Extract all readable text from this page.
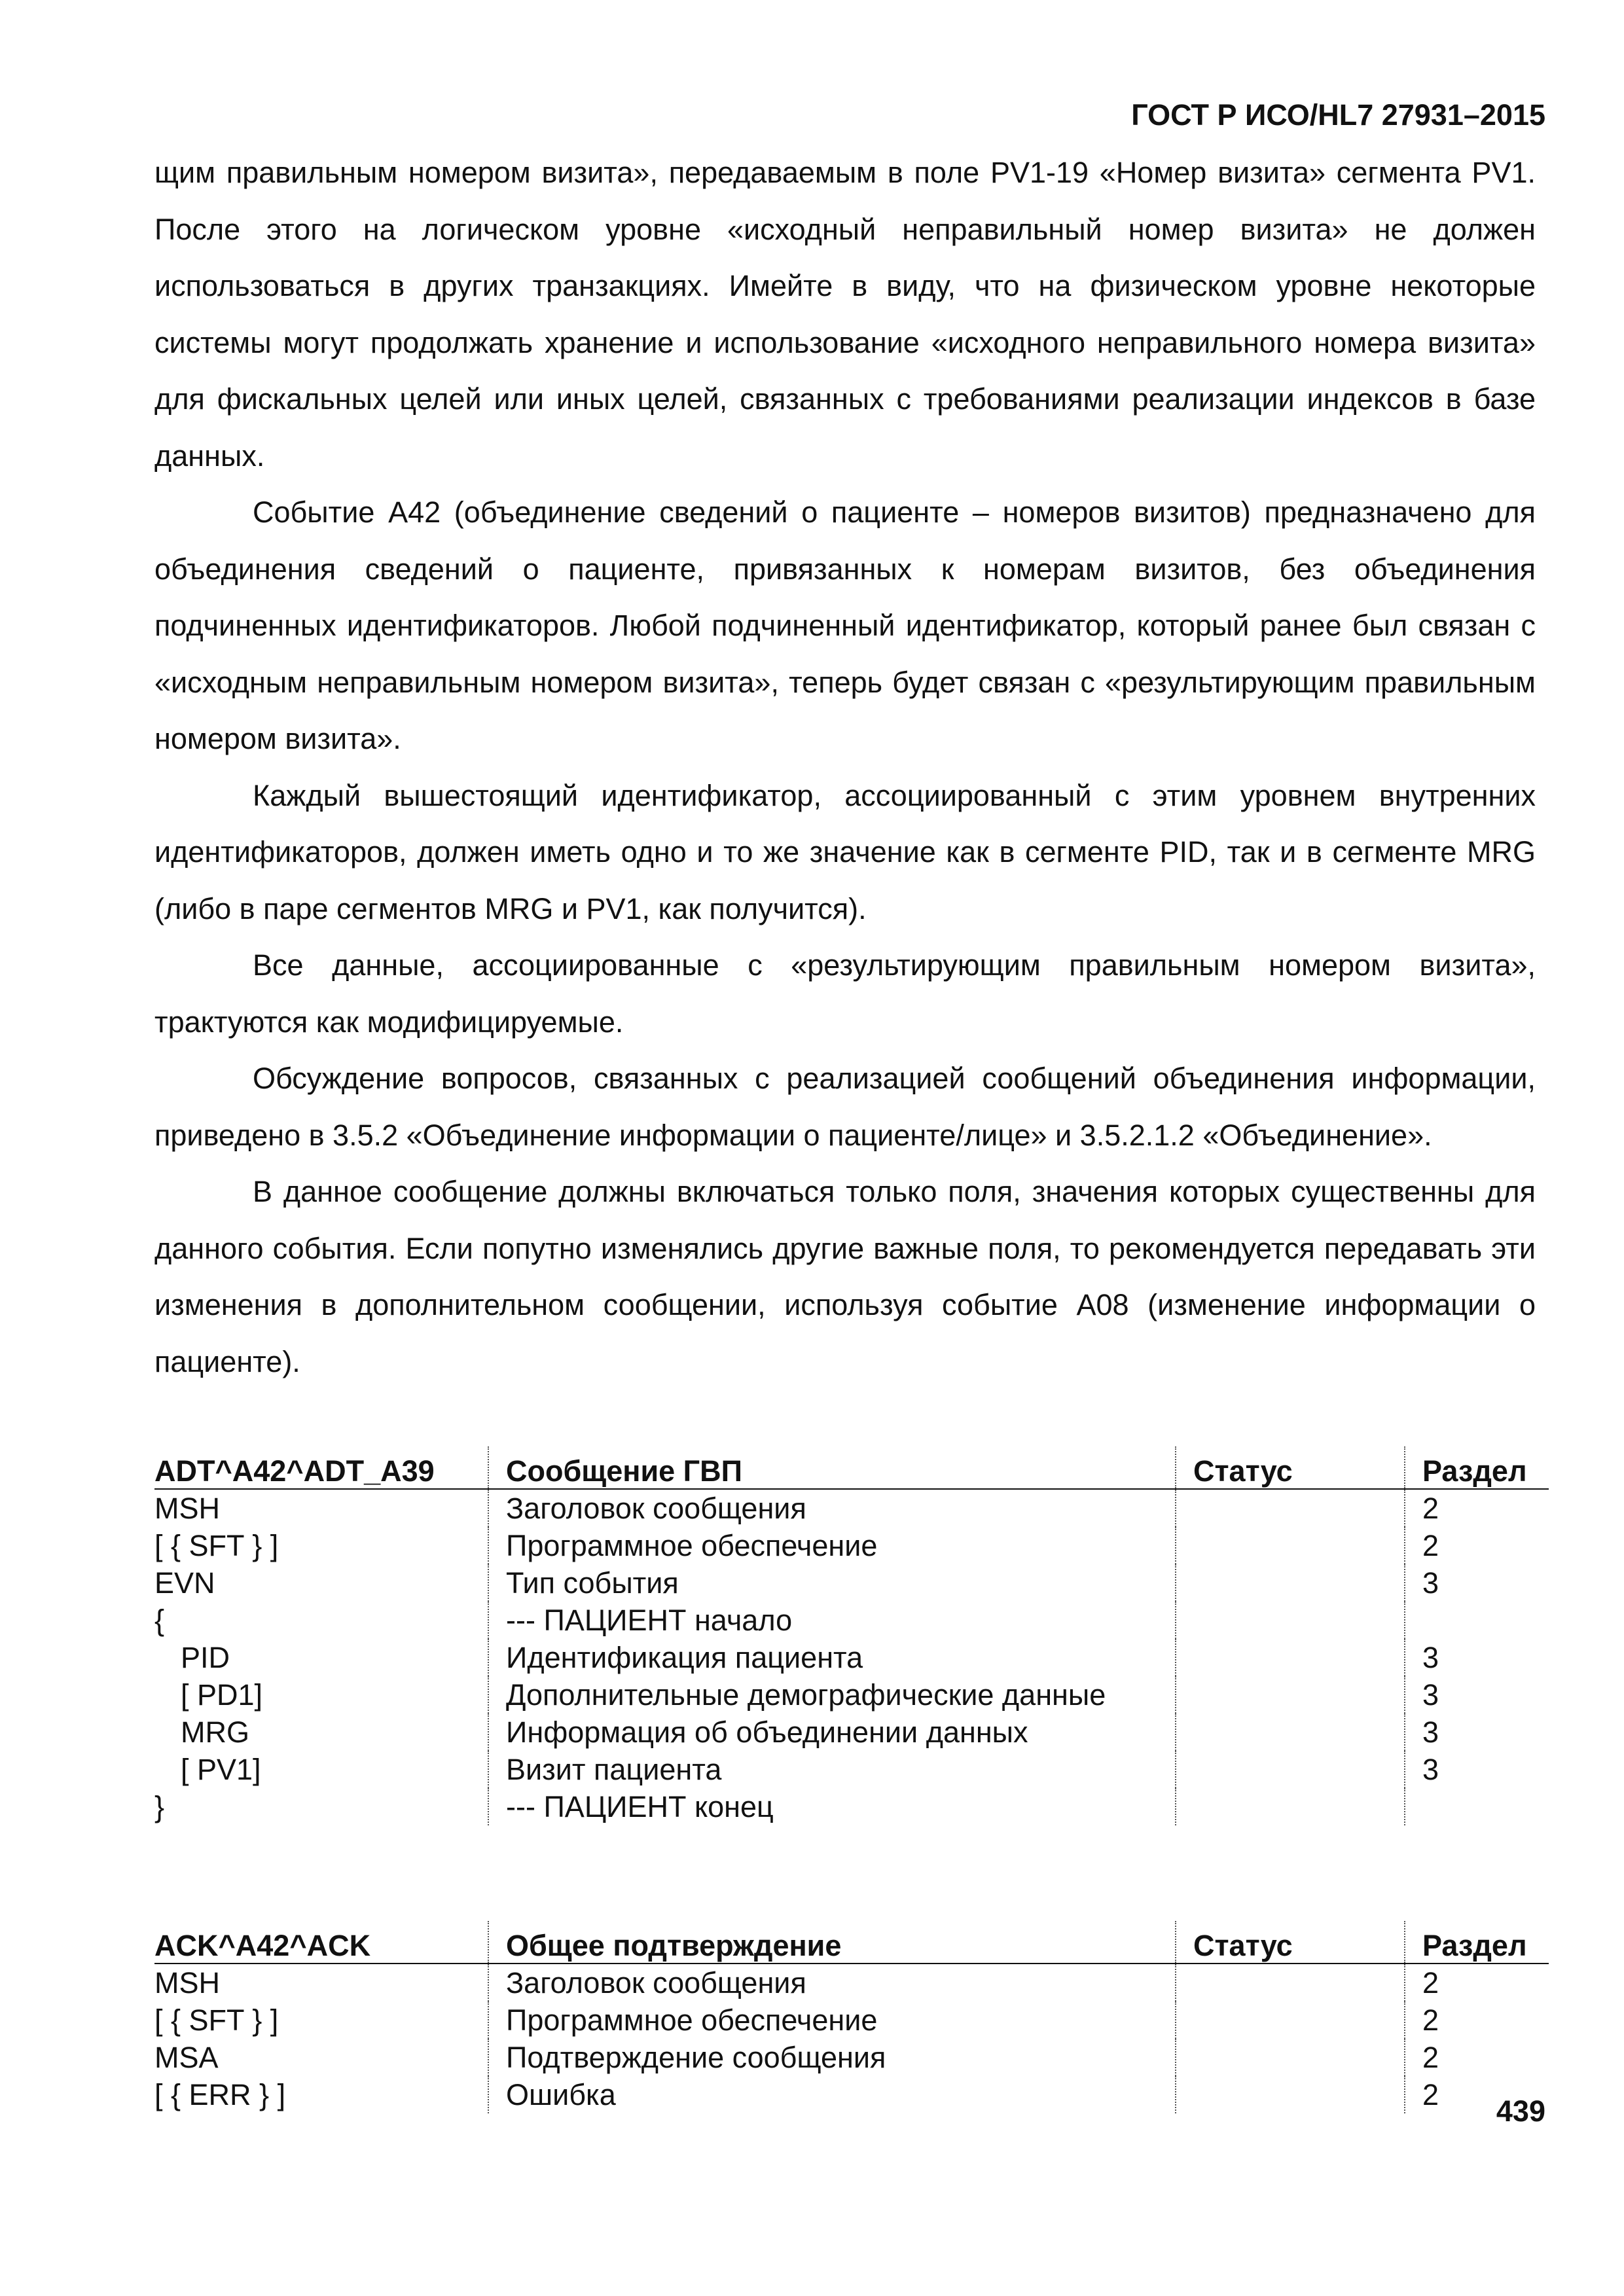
ГОСТ Р ИСО/HL7 27931–2015

щим правильным номером визита», передаваемым в поле PV1-19 «Номер визита» сегмента PV1. После этого на логическом уровне «исходный неправильный номер визита» не должен использоваться в других транзакциях. Имейте в виду, что на физическом уровне некоторые системы могут продолжать хранение и использование «исходного неправильного номера визита» для фискальных целей или иных целей, связанных с требованиями реализации индексов в базе данных.

Событие A42 (объединение сведений о пациенте – номеров визитов) предназначено для объединения сведений о пациенте, привязанных к номерам визитов, без объединения подчиненных идентификаторов. Любой подчиненный идентификатор, который ранее был связан с «исходным неправильным номером визита», теперь будет связан с «результирующим правильным номером визита».

Каждый вышестоящий идентификатор, ассоциированный с этим уровнем внутренних идентификаторов, должен иметь одно и то же значение как в сегменте PID, так и в сегменте MRG (либо в паре сегментов MRG и PV1, как получится).

Все данные, ассоциированные с «результирующим правильным номером визита», трактуются как модифицируемые.

Обсуждение вопросов, связанных с реализацией сообщений объединения информации, приведено в 3.5.2 «Объединение информации о пациенте/лице» и 3.5.2.1.2 «Объединение».

В данное сообщение должны включаться только поля, значения которых существенны для данного события. Если попутно изменялись другие важные поля, то рекомендуется передавать эти изменения в дополнительном сообщении, используя событие A08 (изменение информации о пациенте).

ADT^A42^ADT_A39	Сообщение ГВП	Статус	Раздел
MSH	Заголовок сообщения		2
[ { SFT } ]	Программное обеспечение		2
EVN	Тип события		3
{	--- ПАЦИЕНТ начало		
PID	Идентификация пациента		3
[ PD1]	Дополнительные демографические данные		3
MRG	Информация об объединении данных		3
[ PV1]	Визит пациента		3
}	--- ПАЦИЕНТ конец		
ACK^A42^ACK	Общее подтверждение	Статус	Раздел
MSH	Заголовок сообщения		2
[ { SFT } ]	Программное обеспечение		2
MSA	Подтверждение сообщения		2
[ { ERR } ]	Ошибка		2 439
